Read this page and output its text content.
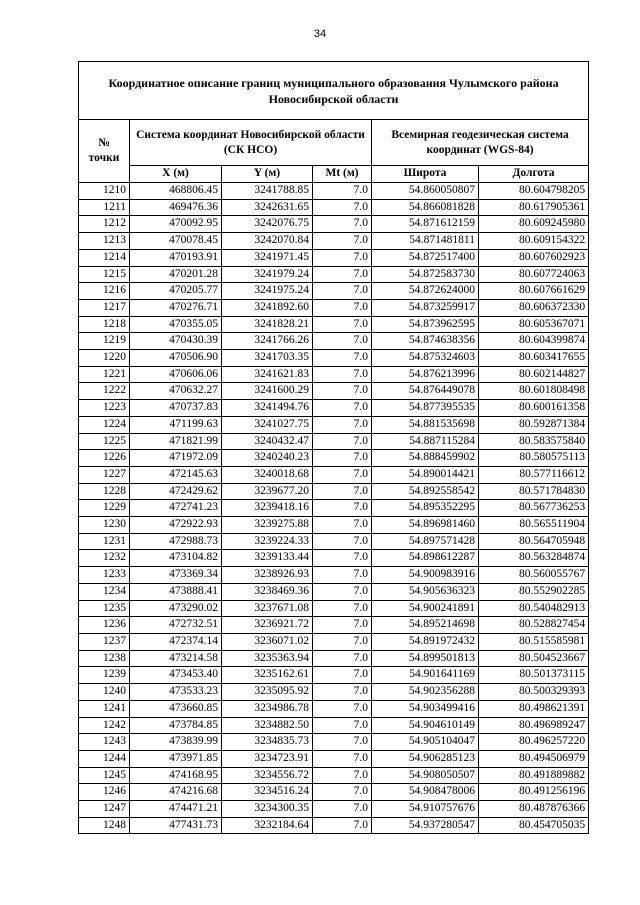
34
Координатное описание границ муниципального образования Чулымского района Новосибирской области					
№ точки	Система координат Новосибирской области (СК НСО)			Всемирная геодезическая система координат (WGS-84)	
	X (м)	Y (м)	Mt (м)	Широта	Долгота
1210	468806.45	3241788.85	7.0	54.860050807	80.604798205
1211	469476.36	3242631.65	7.0	54.866081828	80.617905361
1212	470092.95	3242076.75	7.0	54.871612159	80.609245980
1213	470078.45	3242070.84	7.0	54.871481811	80.609154322
1214	470193.91	3241971.45	7.0	54.872517400	80.607602923
1215	470201.28	3241979.24	7.0	54.872583730	80.607724063
1216	470205.77	3241975.24	7.0	54.872624000	80.607661629
1217	470276.71	3241892.60	7.0	54.873259917	80.606372330
1218	470355.05	3241828.21	7.0	54.873962595	80.605367071
1219	470430.39	3241766.26	7.0	54.874638356	80.604399874
1220	470506.90	3241703.35	7.0	54.875324603	80.603417655
1221	470606.06	3241621.83	7.0	54.876213996	80.602144827
1222	470632.27	3241600.29	7.0	54.876449078	80.601808498
1223	470737.83	3241494.76	7.0	54.877395535	80.600161358
1224	471199.63	3241027.75	7.0	54.881535698	80.592871384
1225	471821.99	3240432.47	7.0	54.887115284	80.583575840
1226	471972.09	3240240.23	7.0	54.888459902	80.580575113
1227	472145.63	3240018.68	7.0	54.890014421	80.577116612
1228	472429.62	3239677.20	7.0	54.892558542	80.571784830
1229	472741.23	3239418.16	7.0	54.895352295	80.567736253
1230	472922.93	3239275.88	7.0	54.896981460	80.565511904
1231	472988.73	3239224.33	7.0	54.897571428	80.564705948
1232	473104.82	3239133.44	7.0	54.898612287	80.563284874
1233	473369.34	3238926.93	7.0	54.900983916	80.560055767
1234	473888.41	3238469.36	7.0	54.905636323	80.552902285
1235	473290.02	3237671.08	7.0	54.900241891	80.540482913
1236	472732.51	3236921.72	7.0	54.895214698	80.528827454
1237	472374.14	3236071.02	7.0	54.891972432	80.515585981
1238	473214.58	3235363.94	7.0	54.899501813	80.504523667
1239	473453.40	3235162.61	7.0	54.901641169	80.501373115
1240	473533.23	3235095.92	7.0	54.902356288	80.500329393
1241	473660.85	3234986.78	7.0	54.903499416	80.498621391
1242	473784.85	3234882.50	7.0	54.904610149	80.496989247
1243	473839.99	3234835.73	7.0	54.905104047	80.496257220
1244	473971.85	3234723.91	7.0	54.906285123	80.494506979
1245	474168.95	3234556.72	7.0	54.908050507	80.491889882
1246	474216.68	3234516.24	7.0	54.908478006	80.491256196
1247	474471.21	3234300.35	7.0	54.910757676	80.487876366
1248	477431.73	3232184.64	7.0	54.937280547	80.454705035
